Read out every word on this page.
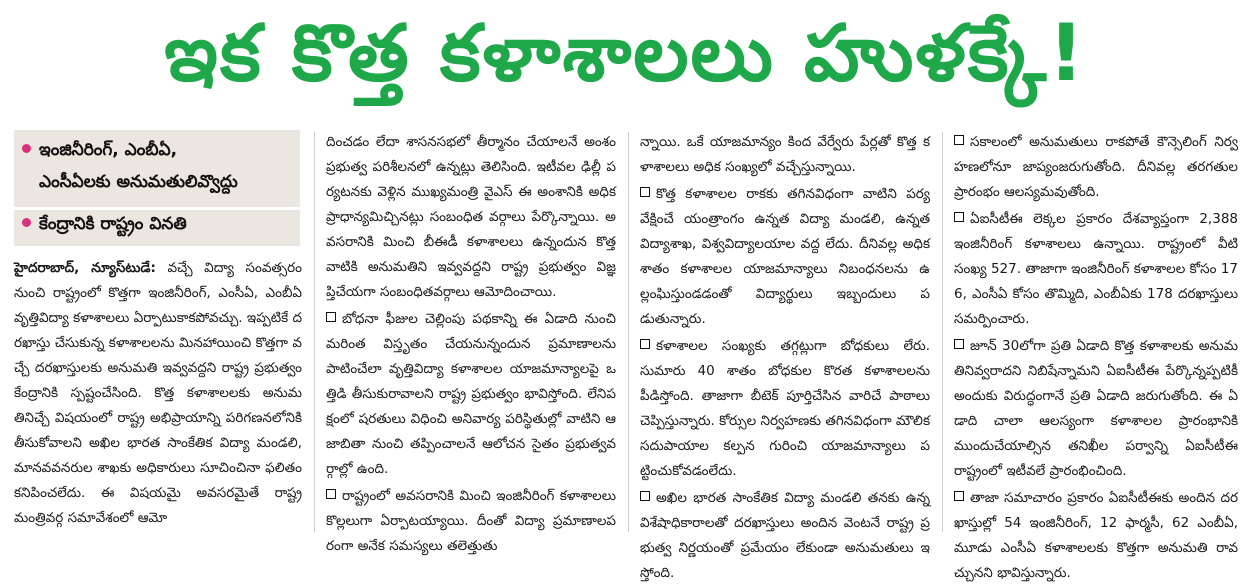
ఇక కొత్త కళాశాలలు హుళక్కే!
ఇంజినీరింగ్‌, ఎంబీఏ,
ఎంసీఏలకు అనుమతులివ్వొద్దు
కేంద్రానికి రాష్ట్రం వినతి

హైదరాబాద్‌, న్యూస్‌టుడే: వచ్చే విద్యా సంవత్సరం నుంచి రాష్ట్రంలో కొత్తగా ఇంజినీరింగ్‌, ఎంసీఏ, ఎంబీఏ వృత్తివిద్యా కళాశాలలు ఏర్పాటుకాకపోవచ్చు. ఇప్పటికే దరఖాస్తు చేసుకున్న కళాశాలలను మినహాయించి కొత్తగా వచ్చే దరఖాస్తులకు అనుమతి ఇవ్వవద్దని రాష్ట్ర ప్రభుత్వం కేంద్రానికి స్పష్టంచేసింది. కొత్త కళాశాలలకు అనుమతినిచ్చే విషయంలో రాష్ట్ర అభిప్రాయాన్ని పరిగణనలోనికి తీసుకోవాలని అఖిల భారత సాంకేతిక విద్యా మండలి, మానవవనరుల శాఖకు అధికారులు సూచించినా ఫలితం కనిపించలేదు. ఈ విషయమై అవసరమైతే రాష్ట్ర మంత్రివర్గ సమావేశంలో ఆమో

దించడం లేదా శాసనసభలో తీర్మానం చేయాలనే అంశం ప్రభుత్వ పరిశీలనలో ఉన్నట్లు తెలిసింది. ఇటీవల ఢిల్లీ పర్యటనకు వెళ్లిన ముఖ్యమంత్రి వైఎస్‌ ఈ అంశానికి అధిక ప్రాధాన్యమిచ్చినట్లు సంబంధిత వర్గాలు పేర్కొన్నాయి. అవసరానికి మించి బీఈడీ కళాశాలలు ఉన్నందున కొత్త వాటికి అనుమతిని ఇవ్వవద్దని రాష్ట్ర ప్రభుత్వం విజ్ఞప్తిచేయగా సంబంధితవర్గాలు ఆమోదించాయి.

బోధనా ఫీజుల చెల్లింపు పథకాన్ని ఈ ఏడాది నుంచి మరింత విస్తృతం చేయనున్నందున ప్రమాణాలను పాటించేలా వృత్తివిద్యా కళాశాలల యాజమాన్యాలపై ఒత్తిడి తీసుకురావాలని రాష్ట్ర ప్రభుత్వం భావిస్తోంది. లేనిపక్షంలో షరతులు విధించి అనివార్య పరిస్థితుల్లో వాటిని ఆ జాబితా నుంచి తప్పించాలనే ఆలోచన సైతం ప్రభుత్వవర్గాల్లో ఉంది.

రాష్ట్రంలో అవసరానికి మించి ఇంజినీరింగ్‌ కళాశాలలు కొల్లలుగా ఏర్పాటయ్యాయి. దీంతో విద్యా ప్రమాణాలపరంగా అనేక సమస్యలు తలెత్తుతు

న్నాయి. ఒకే యాజమాన్యం కింద వేర్వేరు పేర్లతో కొత్త కళాశాలలు అధిక సంఖ్యలో వచ్చేస్తున్నాయి.

కొత్త కళాశాలల రాకకు తగినవిధంగా వాటిని పర్యవేక్షించే యంత్రాంగం ఉన్నత విద్యా మండలి, ఉన్నత విద్యాశాఖ, విశ్వవిద్యాలయాల వద్ద లేదు. దీనివల్ల అధికశాతం కళాశాలల యాజమాన్యాలు నిబంధనలను ఉల్లంఘిస్తుండడంతో విద్యార్థులు ఇబ్బందులు పడుతున్నారు.

కళాశాలల సంఖ్యకు తగ్గట్లుగా బోధకులు లేరు. సుమారు 40 శాతం బోధకుల కొరత కళాశాలలను పీడిస్తోంది. తాజాగా బీటెక్‌ పూర్తిచేసిన వారిచే పాఠాలు చెప్పిస్తున్నారు. కోర్సుల నిర్వహణకు తగినవిధంగా మౌలిక సదుపాయాల కల్పన గురించి యాజమాన్యాలు పట్టించుకోవడంలేదు.

అఖిల భారత సాంకేతిక విద్యా మండలి తనకు ఉన్న విశేషాధికారాలతో దరఖాస్తులు అందిన వెంటనే రాష్ట్ర ప్రభుత్వ నిర్ణయంతో ప్రమేయం లేకుండా అనుమతులు ఇస్తోంది.

సకాలంలో అనుమతులు రాకపోతే కౌన్సెలింగ్‌ నిర్వహణలోనూ జాప్యంజరుగుతోంది. దీనివల్ల తరగతుల ప్రారంభం ఆలస్యమవుతోంది.

ఏఐసీటీఈ లెక్కల ప్రకారం దేశవ్యాప్తంగా 2,388 ఇంజినీరింగ్‌ కళాశాలలు ఉన్నాయి. రాష్ట్రంలో వీటి సంఖ్య 527. తాజాగా ఇంజినీరింగ్‌ కళాశాలల కోసం 176, ఎంసీఏ కోసం తొమ్మిది, ఎంబీఏకు 178 దరఖాస్తులు సమర్పించారు.

జూన్‌ 30లోగా ప్రతి ఏడాది కొత్త కళాశాలకు అనుమతినివ్వరాదని నిబిషేన్నామని ఏఐసీటీఈ పేర్కొన్నప్పటికీ అందుకు విరుద్ధంగానే ప్రతి ఏడాది జరుగుతోంది. ఈ ఏడాది చాలా ఆలస్యంగా కళాశాలల ప్రారంభానికి ముందుచేయాల్సిన తనిఖీల పర్వాన్ని ఏఐసీటీఈ రాష్ట్రంలో ఇటీవలే ప్రారంభించింది.

తాజా సమాచారం ప్రకారం ఏఐసీటీఈకు అందిన దరఖాస్తుల్లో 54 ఇంజినీరింగ్‌, 12 ఫార్మసీ, 62 ఎంబీఏ, మూడు ఎంసీఏ కళాశాలలకు కొత్తగా అనుమతి రావచ్చునని భావిస్తున్నారు.
